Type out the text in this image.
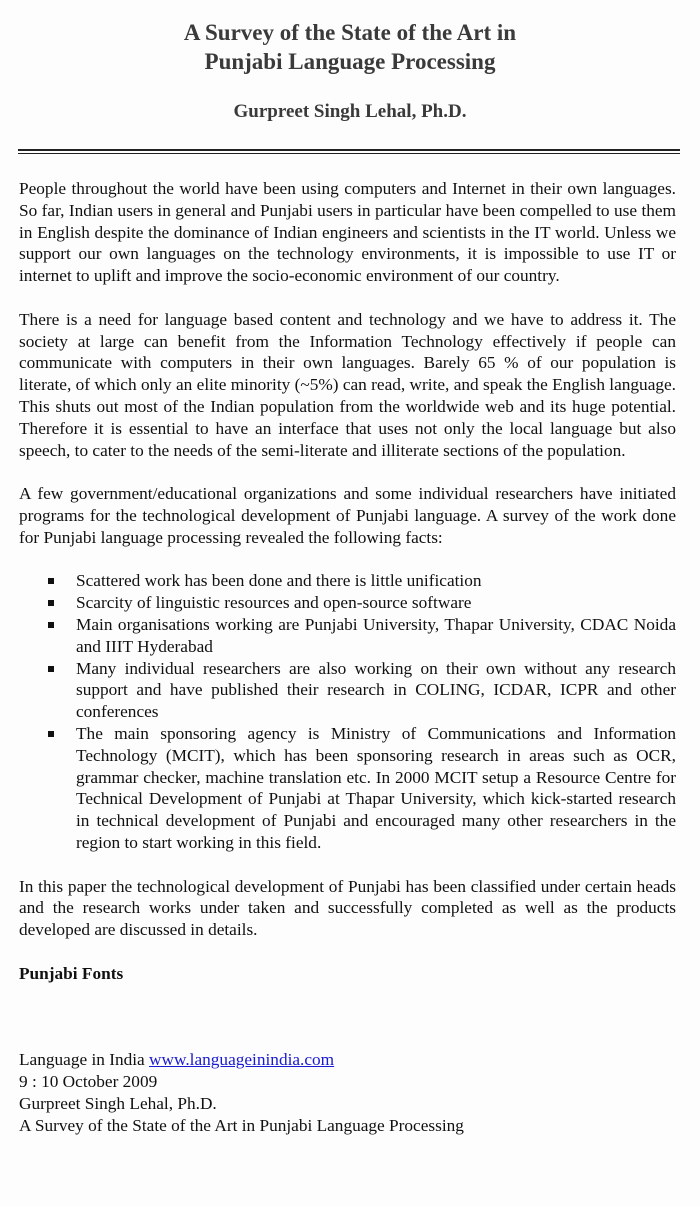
A Survey of the State of the Art in
Punjabi Language Processing
Gurpreet Singh Lehal, Ph.D.

People throughout the world have been using computers and Internet in their own languages. So far, Indian users in general and Punjabi users in particular have been compelled to use them in English despite the dominance of Indian engineers and scientists in the IT world. Unless we support our own languages on the technology environments, it is impossible to use IT or internet to uplift and improve the socio-economic environment of our country.

There is a need for language based content and technology and we have to address it. The society at large can benefit from the Information Technology effectively if people can communicate with computers in their own languages. Barely 65 % of our population is literate, of which only an elite minority (~5%) can read, write, and speak the English language. This shuts out most of the Indian population from the worldwide web and its huge potential. Therefore it is essential to have an interface that uses not only the local language but also speech, to cater to the needs of the semi-literate and illiterate sections of the population.

A few government/educational organizations and some individual researchers have initiated programs for the technological development of Punjabi language. A survey of the work done for Punjabi language processing revealed the following facts:

Scattered work has been done and there is little unification
Scarcity of linguistic resources and open-source software
Main organisations working are Punjabi University, Thapar University, CDAC Noida and IIIT Hyderabad
Many individual researchers are also working on their own without any research support and have published their research in COLING, ICDAR, ICPR and other conferences
The main sponsoring agency is Ministry of Communications and Information Technology (MCIT), which has been sponsoring research in areas such as OCR, grammar checker, machine translation etc. In 2000 MCIT setup a Resource Centre for Technical Development of Punjabi at Thapar University, which kick-started research in technical development of Punjabi and encouraged many other researchers in the region to start working in this field.

In this paper the technological development of Punjabi has been classified under certain heads and the research works under taken and successfully completed as well as the products developed are discussed in details.

Punjabi Fonts
Language in India www.languageinindia.com
9 : 10 October 2009
Gurpreet Singh Lehal, Ph.D.
A Survey of the State of the Art in Punjabi Language Processing
